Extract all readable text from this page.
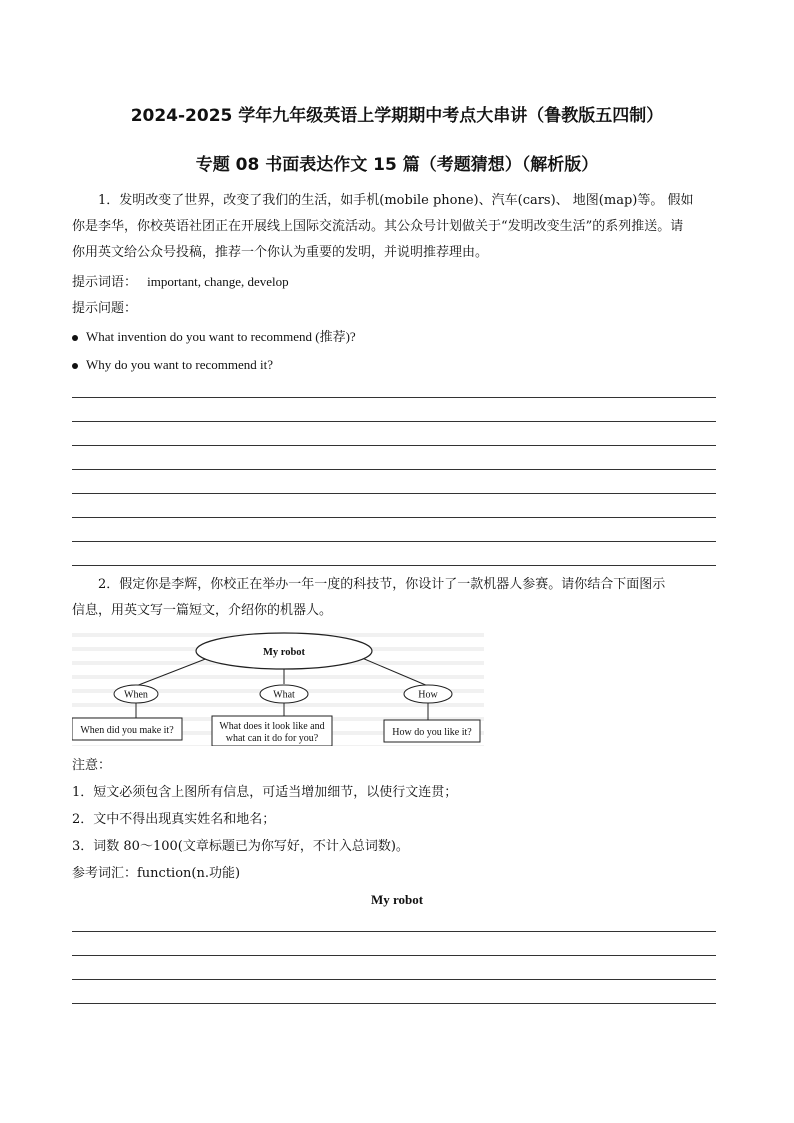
2024-2025 学年九年级英语上学期期中考点大串讲（鲁教版五四制）
专题 08 书面表达作文 15 篇（考题猜想）（解析版）
1．发明改变了世界，改变了我们的生活，如手机(mobile phone)、汽车(cars)、 地图(map)等。 假如
你是李华，你校英语社团正在开展线上国际交流活动。其公众号计划做关于“发明改变生活”的系列推送。请
你用英文给公众号投稿，推荐一个你认为重要的发明，并说明推荐理由。
提示词语： important, change, develop
提示问题：
What invention do you want to recommend (推荐)?
Why do you want to recommend it?
2．假定你是李辉，你校正在举办一年一度的科技节，你设计了一款机器人参赛。请你结合下面图示
信息，用英文写一篇短文，介绍你的机器人。
My robot
When	What	How
When did you make it?	What does it look like and
what can it do for you?
How do you like it?
注意：
1．短文必须包含上图所有信息，可适当增加细节，以使行文连贯；
2．文中不得出现真实姓名和地名；
3．词数 80～100(文章标题已为你写好，不计入总词数)。
参考词汇：function(n.功能)
My robot
